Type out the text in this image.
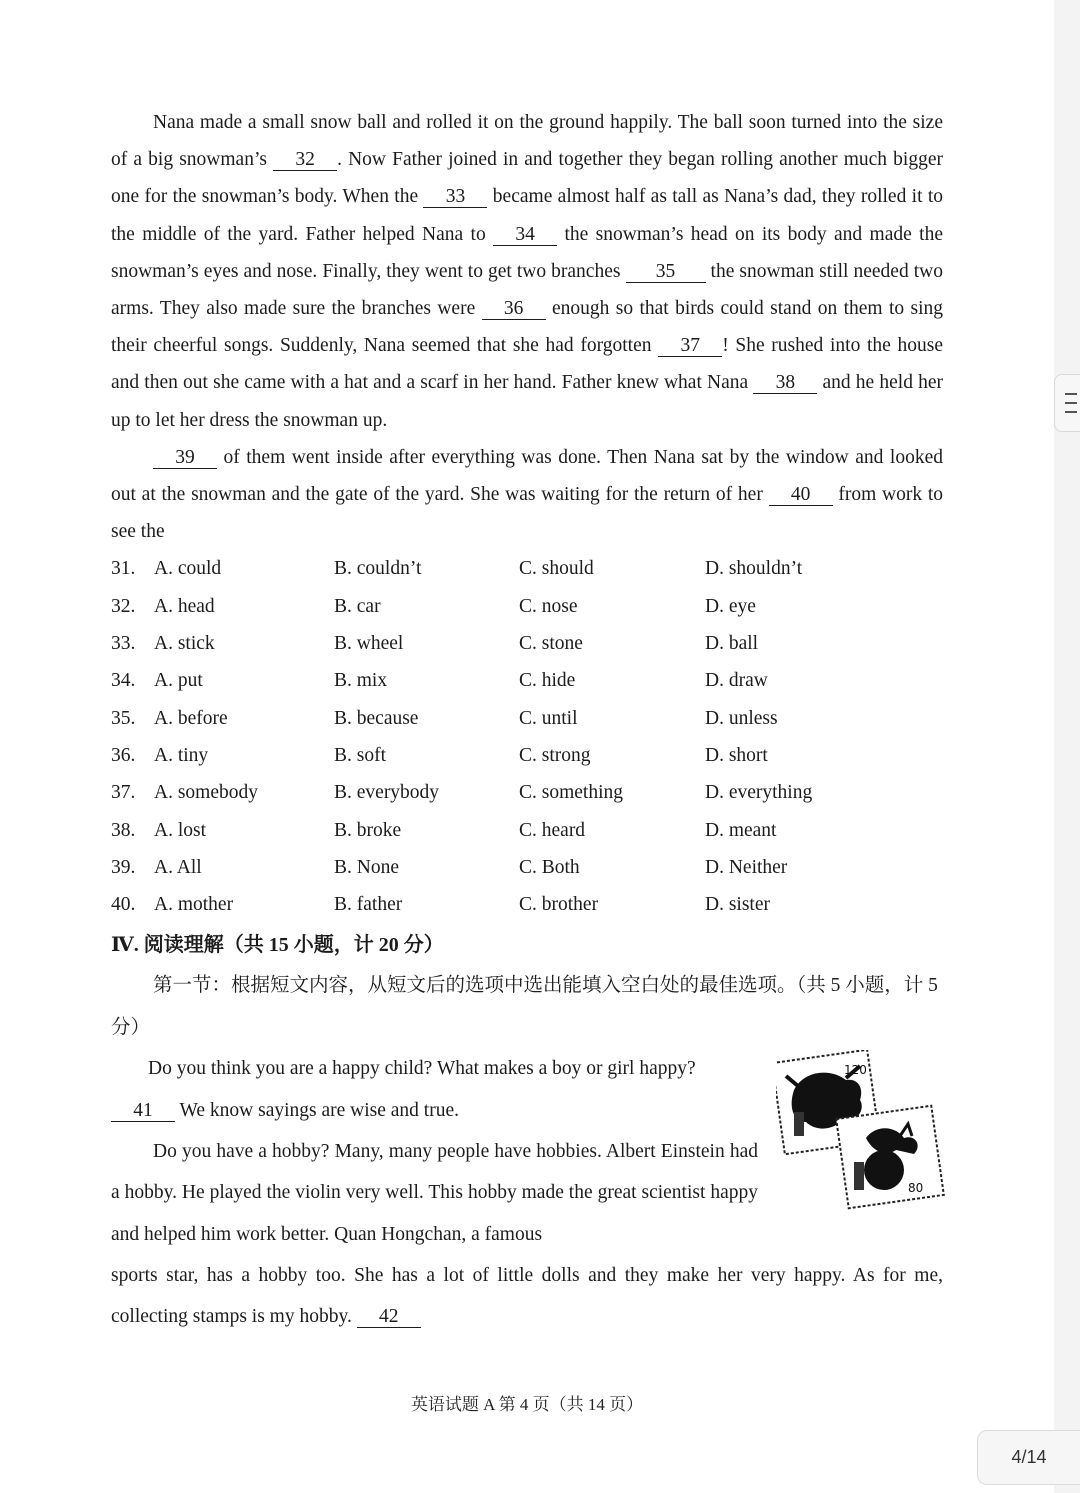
Nana made a small snow ball and rolled it on the ground happily. The ball soon turned into the size of a big snowman’s 32 . Now Father joined in and together they began rolling another much bigger one for the snowman’s body. When the 33 became almost half as tall as Nana’s dad, they rolled it to the middle of the yard. Father helped Nana to 34 the snowman’s head on its body and made the snowman’s eyes and nose. Finally, they went to get two branches 35 the snowman still needed two arms. They also made sure the branches were 36 enough so that birds could stand on them to sing their cheerful songs. Suddenly, Nana seemed that she had forgotten 37 ! She rushed into the house and then out she came with a hat and a scarf in her hand. Father knew what Nana 38 and he held her up to let her dress the snowman up.

39 of them went inside after everything was done. Then Nana sat by the window and looked out at the snowman and the gate of the yard. She was waiting for the return of her 40 from work to see the

31. A. could	B. couldn’t	C. should	D. shouldn’t
32. A. head	B. car	C. nose	D. eye
33. A. stick	B. wheel	C. stone	D. ball
34. A. put	B. mix	C. hide	D. draw
35. A. before	B. because	C. until	D. unless
36. A. tiny	B. soft	C. strong	D. short
37. A. somebody	B. everybody	C. something	D. everything
38. A. lost	B. broke	C. heard	D. meant
39. A. All	B. None	C. Both	D. Neither
40. A. mother	B. father	C. brother	D. sister
Ⅳ. 阅读理解（共 15 小题，计 20 分）

第一节：根据短文内容，从短文后的选项中选出能填入空白处的最佳选项。（共 5 小题，计 5 分）

Do you think you are a happy child? What makes a boy or girl happy?

41 We know sayings are wise and true.

Do you have a hobby? Many, many people have hobbies. Albert Einstein had a hobby. He played the violin very well. This hobby made the great scientist happy and helped him work better. Quan Hongchan, a famous

sports star, has a hobby too. She has a lot of little dolls and they make her very happy. As for me, collecting stamps is my hobby. 42

120
80
英语试题 A 第 4 页（共 14 页）
4/14
